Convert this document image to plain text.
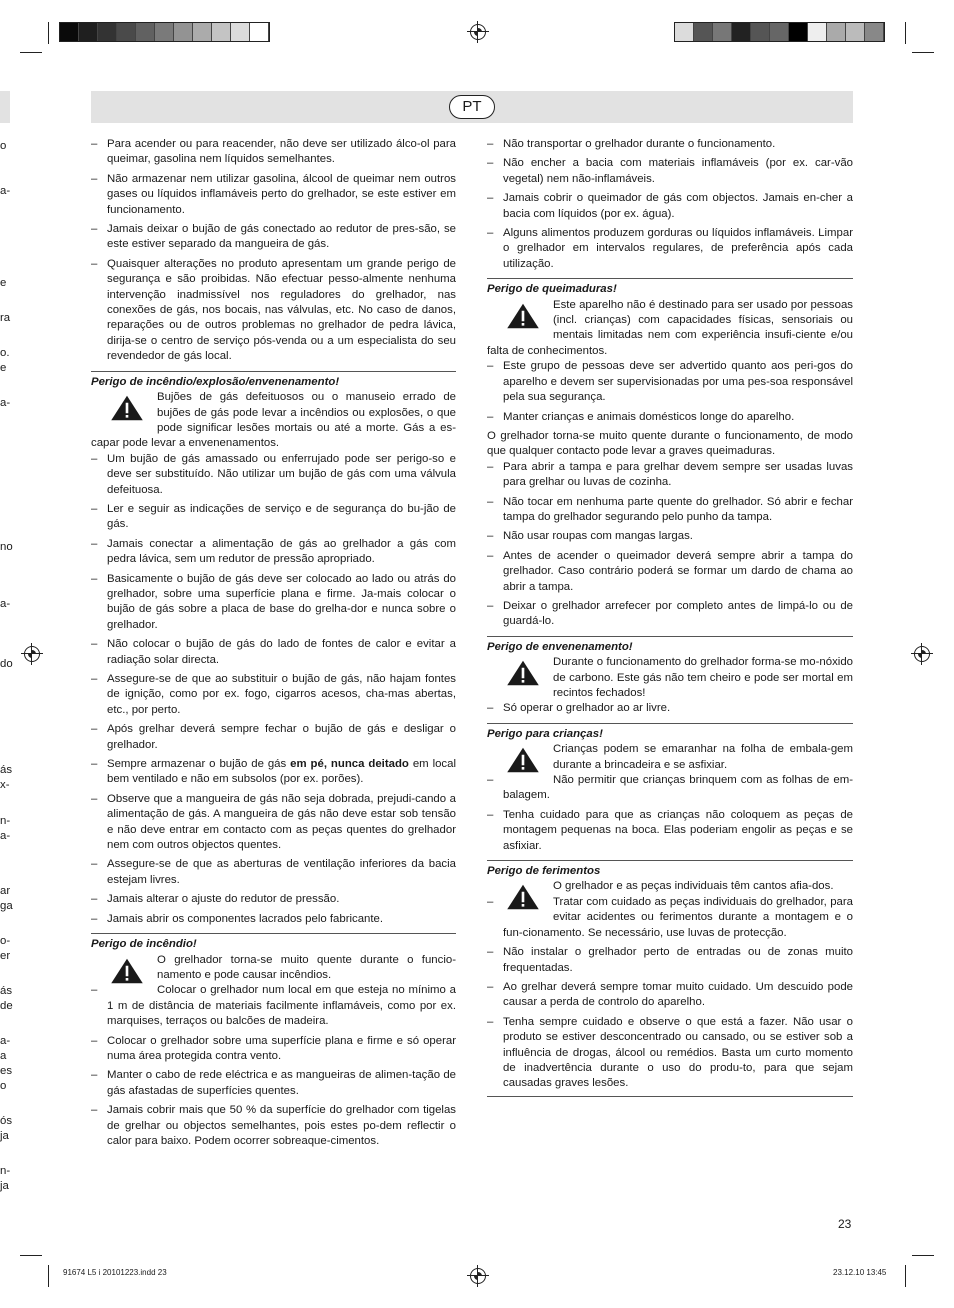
PT
o
a-
e
ra
o.
e
a-
no
a-
do
ás
x-
n-
a-
ar
ga
o-
er
ás
de
a-
a
es
o
ós
ja
n-
ja
– Para acender ou para reacender, não deve ser utilizado álco-ol para queimar, gasolina nem líquidos semelhantes.
– Não armazenar nem utilizar gasolina, álcool de queimar nem outros gases ou líquidos inflamáveis perto do grelhador, se este estiver em funcionamento.
– Jamais deixar o bujão de gás conectado ao redutor de pres-são, se este estiver separado da mangueira de gás.
– Quaisquer alterações no produto apresentam um grande perigo de segurança e são proibidas. Não efectuar pesso-almente nenhuma intervenção inadmissível nos reguladores do grelhador, nas conexões de gás, nos bocais, nas válvulas, etc. No caso de danos, reparações ou de outros problemas no grelhador de pedra lávica, dirija-se o centro de serviço pós-venda ou a um especialista do seu revendedor de gás local.

Perigo de incêndio/explosão/envenenamento!

Bujões de gás defeituosos ou o manuseio errado de bujões de gás pode levar a incêndios ou explosões, o que pode significar lesões mortais ou até a morte. Gás a es-capar pode levar a envenenamentos.

– Um bujão de gás amassado ou enferrujado pode ser perigo-so e deve ser substituído. Não utilizar um bujão de gás com uma válvula defeituosa.
– Ler e seguir as indicações de serviço e de segurança do bu-jão de gás.
– Jamais conectar a alimentação de gás ao grelhador a gás com pedra lávica, sem um redutor de pressão apropriado.
– Basicamente o bujão de gás deve ser colocado ao lado ou atrás do grelhador, sobre uma superfície plana e firme. Ja-mais colocar o bujão de gás sobre a placa de base do grelha-dor e nunca sobre o grelhador.
– Não colocar o bujão de gás do lado de fontes de calor e evitar a radiação solar directa.
– Assegure-se de que ao substituir o bujão de gás, não hajam fontes de ignição, como por ex. fogo, cigarros acesos, cha-mas abertas, etc., por perto.
– Após grelhar deverá sempre fechar o bujão de gás e desligar o grelhador.
– Sempre armazenar o bujão de gás em pé, nunca deitado em local bem ventilado e não em subsolos (por ex. porões).
– Observe que a mangueira de gás não seja dobrada, prejudi-cando a alimentação de gás. A mangueira de gás não deve estar sob tensão e não deve entrar em contacto com as peças quentes do grelhador nem com outros objectos quentes.
– Assegure-se de que as aberturas de ventilação inferiores da bacia estejam livres.
– Jamais alterar o ajuste do redutor de pressão.
– Jamais abrir os componentes lacrados pelo fabricante.

Perigo de incêndio!

O grelhador torna-se muito quente durante o funcio-namento e pode causar incêndios.

–	Colocar o grelhador num local em que esteja no mínimo a 1 m de distância de materiais facilmente inflamáveis, como por ex. marquises, terraços ou balcões de madeira.
– Colocar o grelhador sobre uma superfície plana e firme e só operar numa área protegida contra vento.
– Manter o cabo de rede eléctrica e as mangueiras de alimen-tação de gás afastadas de superfícies quentes.
– Jamais cobrir mais que 50 % da superfície do grelhador com tigelas de grelhar ou objectos semelhantes, pois estes po-dem reflectir o calor para baixo. Podem ocorrer sobreaque-cimentos.
– Não transportar o grelhador durante o funcionamento.
– Não encher a bacia com materiais inflamáveis (por ex. car-vão vegetal) nem não-inflamáveis.
– Jamais cobrir o queimador de gás com objectos. Jamais en-cher a bacia com líquidos (por ex. água).
– Alguns alimentos produzem gorduras ou líquidos inflamáveis. Limpar o grelhador em intervalos regulares, de preferência após cada utilização.

Perigo de queimaduras!

Este aparelho não é destinado para ser usado por pessoas (incl. crianças) com capacidades físicas, sensoriais ou mentais limitadas nem com experiência insufi-ciente e/ou falta de conhecimentos.

– Este grupo de pessoas deve ser advertido quanto aos peri-gos do aparelho e devem ser supervisionadas por uma pes-soa responsável pela sua segurança.
– Manter crianças e animais domésticos longe do aparelho.

O grelhador torna-se muito quente durante o funcionamento, de modo que qualquer contacto pode levar a graves queimaduras.

– Para abrir a tampa e para grelhar devem sempre ser usadas luvas para grelhar ou luvas de cozinha.
– Não tocar em nenhuma parte quente do grelhador. Só abrir e fechar tampa do grelhador segurando pelo punho da tampa.
– Não usar roupas com mangas largas.
– Antes de acender o queimador deverá sempre abrir a tampa do grelhador. Caso contrário poderá se formar um dardo de chama ao abrir a tampa.
– Deixar o grelhador arrefecer por completo antes de limpá-lo ou de guardá-lo.

Perigo de envenenamento!

Durante o funcionamento do grelhador forma-se mo-nóxido de carbono. Este gás não tem cheiro e pode ser mortal em recintos fechados!

– Só operar o grelhador ao ar livre.

Perigo para crianças!

Crianças podem se emaranhar na folha de embala-gem durante a brincadeira e se asfixiar.

–	Não permitir que crianças brinquem com as folhas de em-balagem.
– Tenha cuidado para que as crianças não coloquem as peças de montagem pequenas na boca. Elas poderiam engolir as peças e se asfixiar.

Perigo de ferimentos

O grelhador e as peças individuais têm cantos afia-dos.

–	Tratar com cuidado as peças individuais do grelhador, para evitar acidentes ou ferimentos durante a montagem e o fun-cionamento. Se necessário, use luvas de protecção.
– Não instalar o grelhador perto de entradas ou de zonas muito frequentadas.
– Ao grelhar deverá sempre tomar muito cuidado. Um descuido pode causar a perda de controlo do aparelho.
– Tenha sempre cuidado e observe o que está a fazer. Não usar o produto se estiver desconcentrado ou cansado, ou se estiver sob a influência de drogas, álcool ou remédios. Basta um curto momento de inadvertência durante o uso do produ-to, para que sejam causadas graves lesões.
23
91674 L5 i 20101223.indd 23	23.12.10 13:45
